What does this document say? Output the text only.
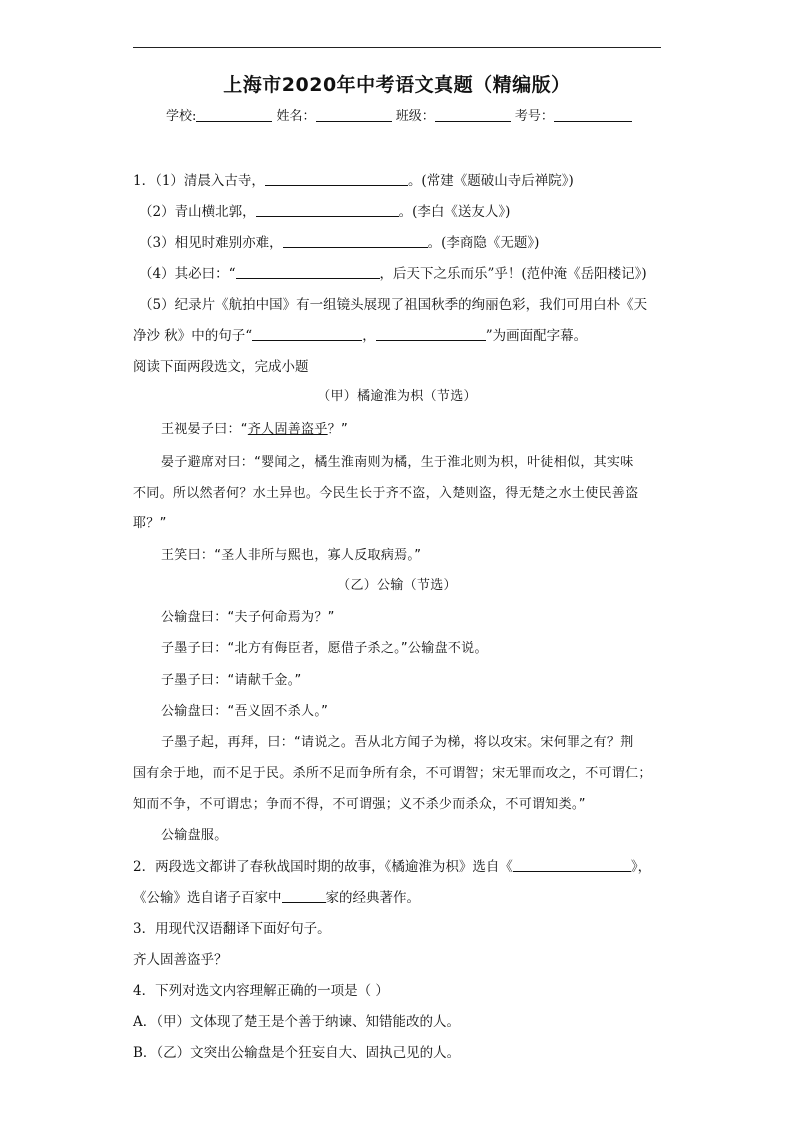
上海市2020年中考语文真题（精编版）
学校:	姓名：	班级：	考号：
1．（1）清晨入古寺，	。(常建《题破山寺后禅院》)
（2）青山横北郭，	。(李白《送友人》)
（3）相见时难别亦难，	。(李商隐《无题》)
（4）其必曰：“	，后天下之乐而乐”乎！(范仲淹《岳阳楼记》)
（5）纪录片《航拍中国》有一组镜头展现了祖国秋季的绚丽色彩，我们可用白朴《天
净沙 秋》中的句子“	，	”为画面配字幕。
阅读下面两段选文，完成小题
（甲）橘逾淮为枳（节选）
王视晏子曰：“齐人固善盗乎？”
晏子避席对曰：“婴闻之，橘生淮南则为橘，生于淮北则为枳，叶徒相似，其实味
不同。所以然者何？水土异也。今民生长于齐不盗，入楚则盗，得无楚之水土使民善盗
耶？”
王笑曰：“圣人非所与熙也，寡人反取病焉。”
（乙）公输（节选）
公输盘曰：“夫子何命焉为？”
子墨子曰：“北方有侮臣者，愿借子杀之。”公输盘不说。
子墨子曰：“请献千金。”
公输盘曰：“吾义固不杀人。”
子墨子起，再拜，曰：“请说之。吾从北方闻子为梯，将以攻宋。宋何罪之有？荆
国有余于地，而不足于民。杀所不足而争所有余，不可谓智；宋无罪而攻之，不可谓仁；
知而不争，不可谓忠；争而不得，不可谓强；义不杀少而杀众，不可谓知类。”
公输盘服。
2．两段选文都讲了春秋战国时期的故事，《橘逾淮为枳》选自《	》，
《公输》选自诸子百家中	家的经典著作。
3．用现代汉语翻译下面好句子。
齐人固善盗乎？
4．下列对选文内容理解正确的一项是（ ）
A．（甲）文体现了楚王是个善于纳谏、知错能改的人。
B．（乙）文突出公输盘是个狂妄自大、固执己见的人。
